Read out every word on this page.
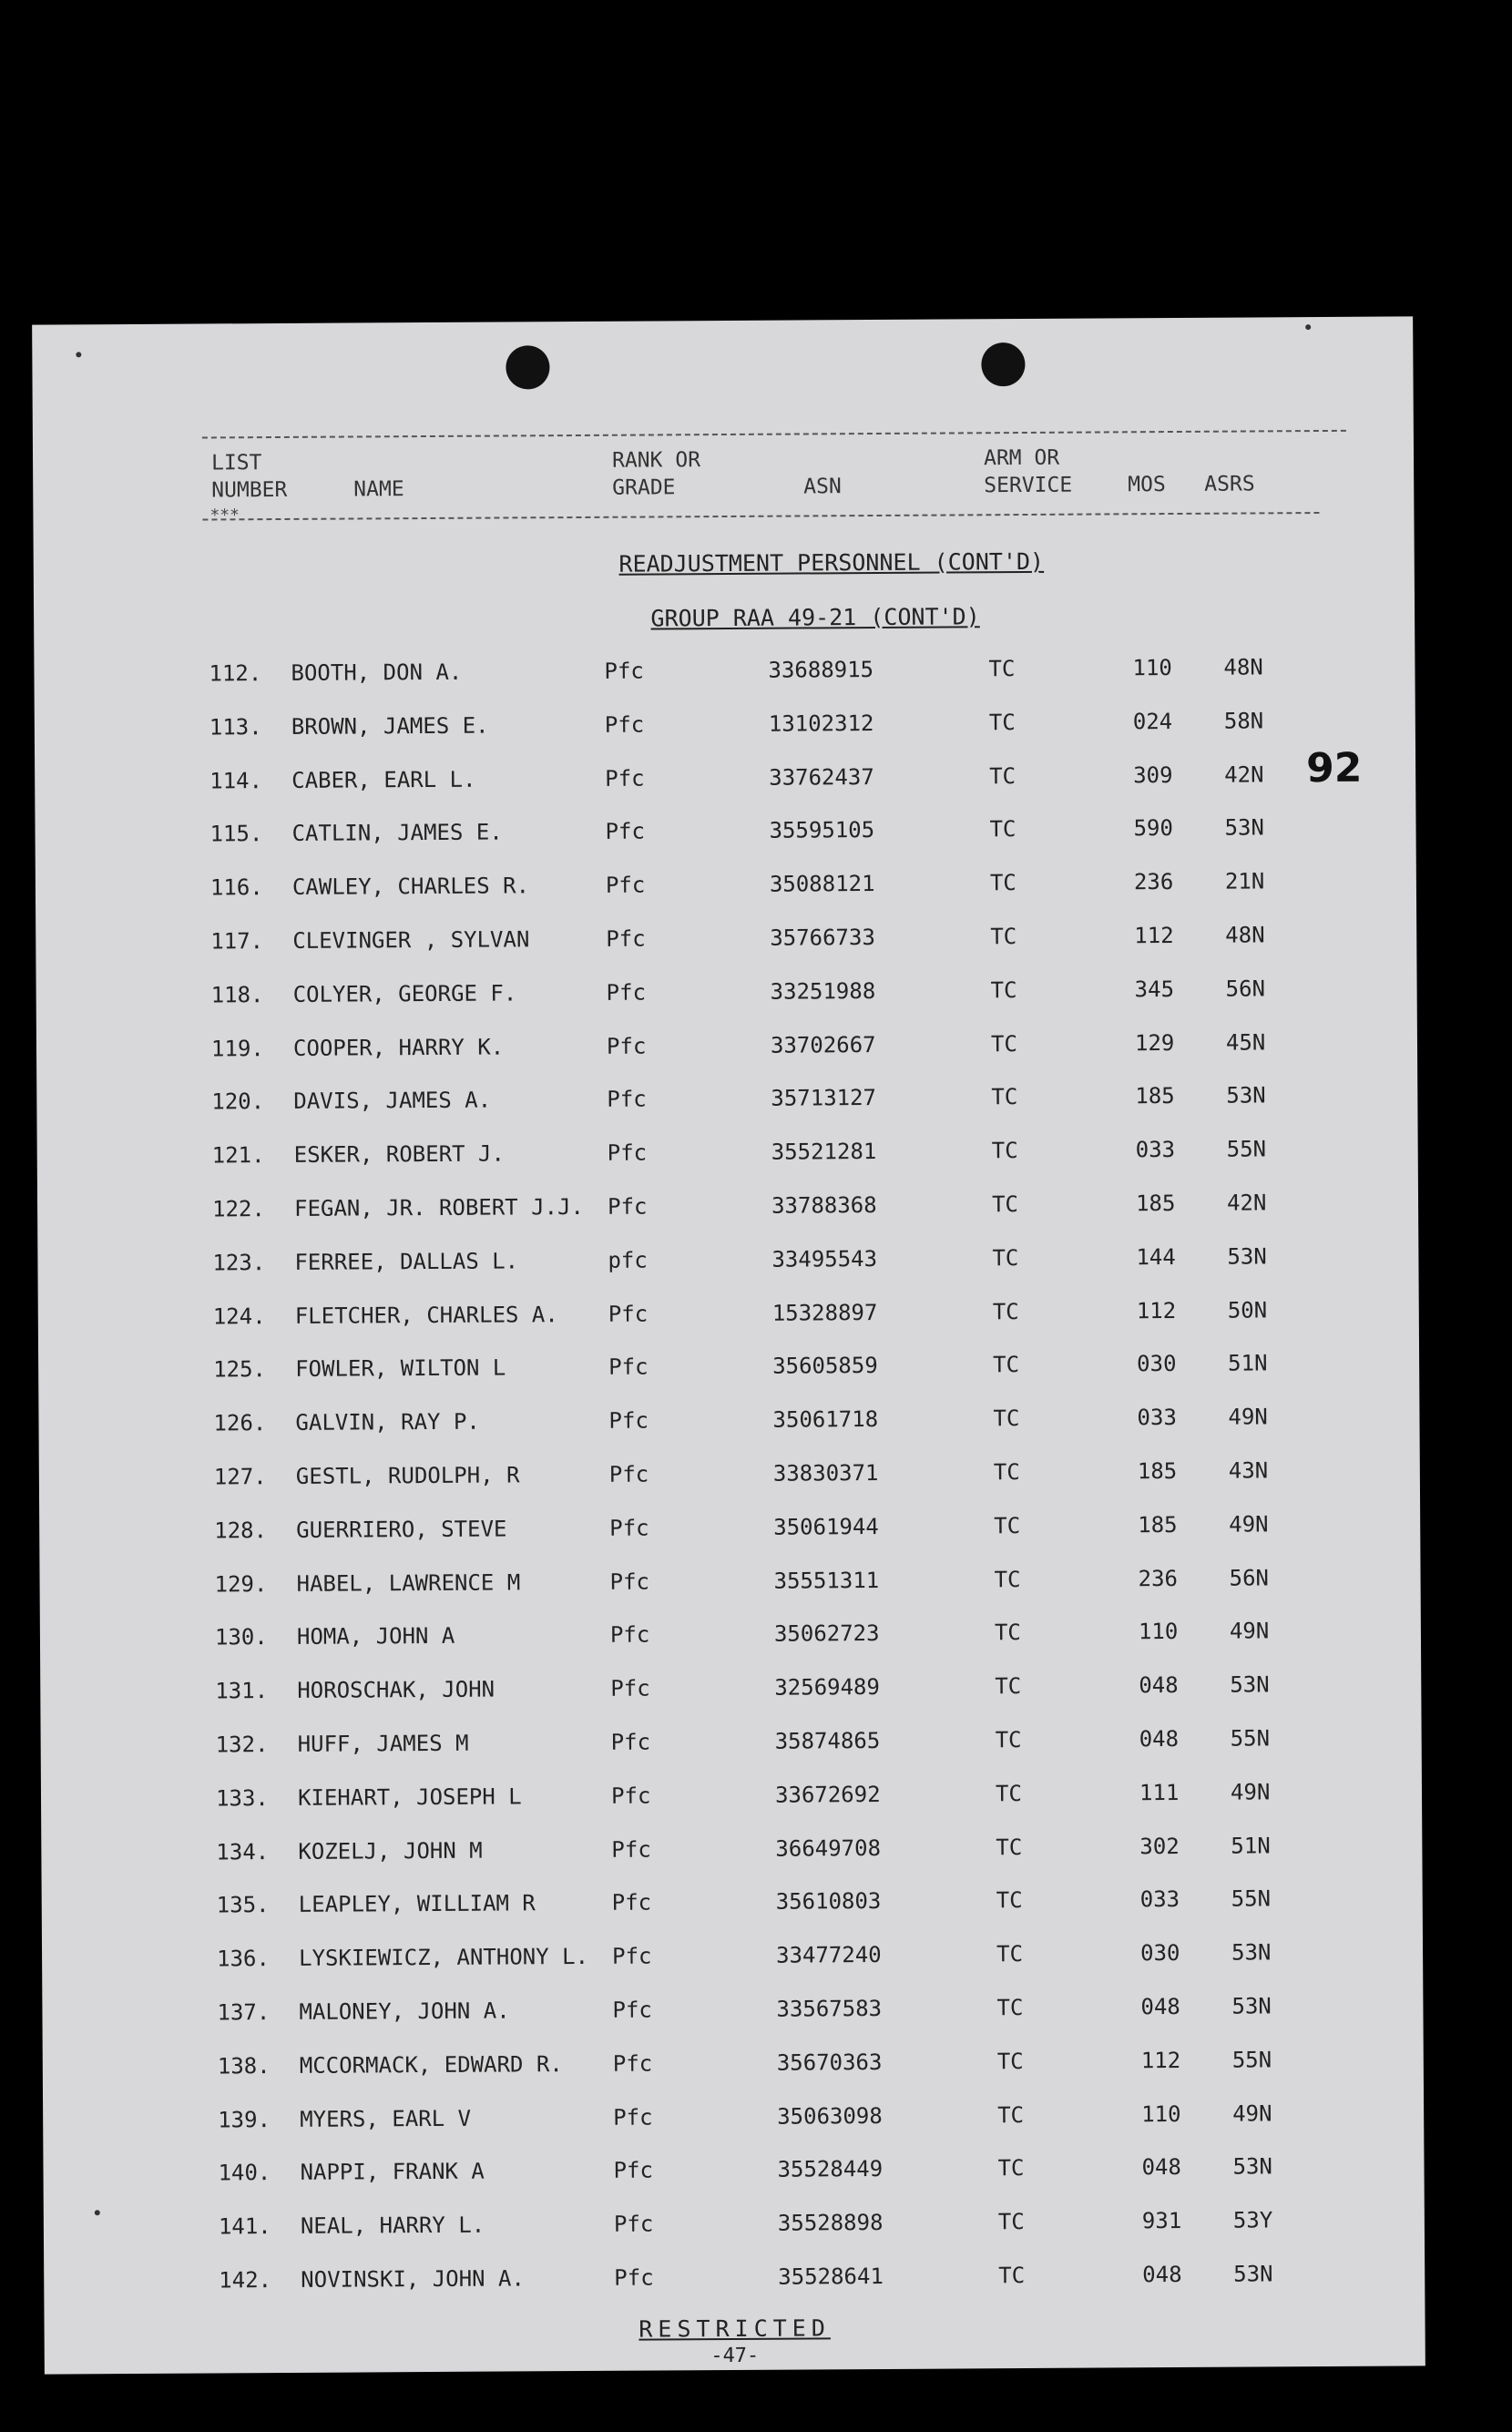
LIST
NUMBER	NAME
RANK OR
GRADE	ASN
ARM OR
SERVICE	MOS ASRS
***
READJUSTMENT PERSONNEL (CONT'D)
GROUP RAA 49-21 (CONT'D)
92
112. BOOTH, DON A.	Pfc	33688915	TC	110 48N
113. BROWN, JAMES E.	Pfc	13102312	TC	024 58N
114. CABER, EARL L.	Pfc	33762437	TC	309 42N
115. CATLIN, JAMES E.	Pfc	35595105	TC	590 53N
116. CAWLEY, CHARLES R.	Pfc	35088121	TC	236 21N
117. CLEVINGER , SYLVAN	Pfc	35766733	TC	112 48N
118. COLYER, GEORGE F.	Pfc	33251988	TC	345 56N
119. COOPER, HARRY K.	Pfc	33702667	TC	129 45N
120. DAVIS, JAMES A.	Pfc	35713127	TC	185 53N
121. ESKER, ROBERT J.	Pfc	35521281	TC	033 55N
122. FEGAN, JR. ROBERT J.J. Pfc	33788368	TC	185 42N
123. FERREE, DALLAS L.	pfc	33495543	TC	144 53N
124. FLETCHER, CHARLES A. Pfc	15328897	TC	112 50N
125. FOWLER, WILTON L	Pfc	35605859	TC	030 51N
126. GALVIN, RAY P.	Pfc	35061718	TC	033 49N
127. GESTL, RUDOLPH, R	Pfc	33830371	TC	185 43N
128. GUERRIERO, STEVE	Pfc	35061944	TC	185 49N
129. HABEL, LAWRENCE M	Pfc	35551311	TC	236 56N
130. HOMA, JOHN A	Pfc	35062723	TC	110 49N
131. HOROSCHAK, JOHN	Pfc	32569489	TC	048 53N
132. HUFF, JAMES M	Pfc	35874865	TC	048 55N
133. KIEHART, JOSEPH L	Pfc	33672692	TC	111 49N
134. KOZELJ, JOHN M	Pfc	36649708	TC	302 51N
135. LEAPLEY, WILLIAM R	Pfc	35610803	TC	033 55N
136. LYSKIEWICZ, ANTHONY L. Pfc	33477240	TC	030 53N
137. MALONEY, JOHN A.	Pfc	33567583	TC	048 53N
138. MCCORMACK, EDWARD R. Pfc	35670363	TC	112 55N
139. MYERS, EARL V	Pfc	35063098	TC	110 49N
140. NAPPI, FRANK A	Pfc	35528449	TC	048 53N
141. NEAL, HARRY L.	Pfc	35528898	TC	931 53Y
142. NOVINSKI, JOHN A.	Pfc	35528641	TC	048 53N
RESTRICTED
-47-
